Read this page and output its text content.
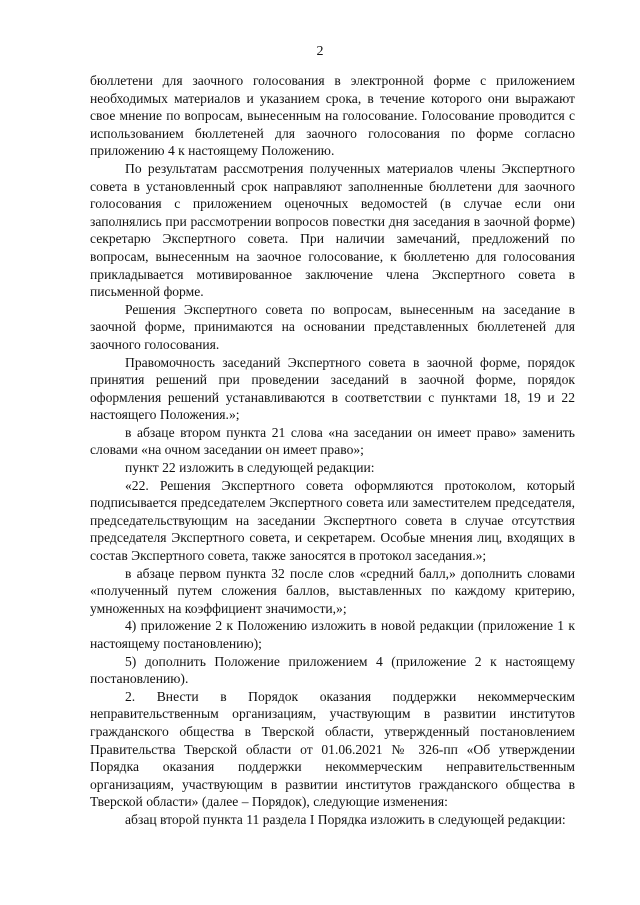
2

бюллетени для заочного голосования в электронной форме с приложением необходимых материалов и указанием срока, в течение которого они выражают свое мнение по вопросам, вынесенным на голосование. Голосование проводится с использованием бюллетеней для заочного голосования по форме согласно приложению 4 к настоящему Положению.

По результатам рассмотрения полученных материалов члены Экспертного совета в установленный срок направляют заполненные бюллетени для заочного голосования с приложением оценочных ведомостей (в случае если они заполнялись при рассмотрении вопросов повестки дня заседания в заочной форме) секретарю Экспертного совета. При наличии замечаний, предложений по вопросам, вынесенным на заочное голосование, к бюллетеню для голосования прикладывается мотивированное заключение члена Экспертного совета в письменной форме.

Решения Экспертного совета по вопросам, вынесенным на заседание в заочной форме, принимаются на основании представленных бюллетеней для заочного голосования.

Правомочность заседаний Экспертного совета в заочной форме, порядок принятия решений при проведении заседаний в заочной форме, порядок оформления решений устанавливаются в соответствии с пунктами 18, 19 и 22 настоящего Положения.»;

в абзаце втором пункта 21 слова «на заседании он имеет право» заменить словами «на очном заседании он имеет право»;

пункт 22 изложить в следующей редакции:

«22. Решения Экспертного совета оформляются протоколом, который подписывается председателем Экспертного совета или заместителем председателя, председательствующим на заседании Экспертного совета в случае отсутствия председателя Экспертного совета, и секретарем. Особые мнения лиц, входящих в состав Экспертного совета, также заносятся в протокол заседания.»;

в абзаце первом пункта 32 после слов «средний балл,» дополнить словами «полученный путем сложения баллов, выставленных по каждому критерию, умноженных на коэффициент значимости,»;

4) приложение 2 к Положению изложить в новой редакции (приложение 1 к настоящему постановлению);

5) дополнить Положение приложением 4 (приложение 2 к настоящему постановлению).

2. Внести в Порядок оказания поддержки некоммерческим неправительственным организациям, участвующим в развитии институтов гражданского общества в Тверской области, утвержденный постановлением Правительства Тверской области от 01.06.2021 № 326-пп «Об утверждении Порядка оказания поддержки некоммерческим неправительственным организациям, участвующим в развитии институтов гражданского общества в Тверской области» (далее – Порядок), следующие изменения:

абзац второй пункта 11 раздела I Порядка изложить в следующей редакции:
